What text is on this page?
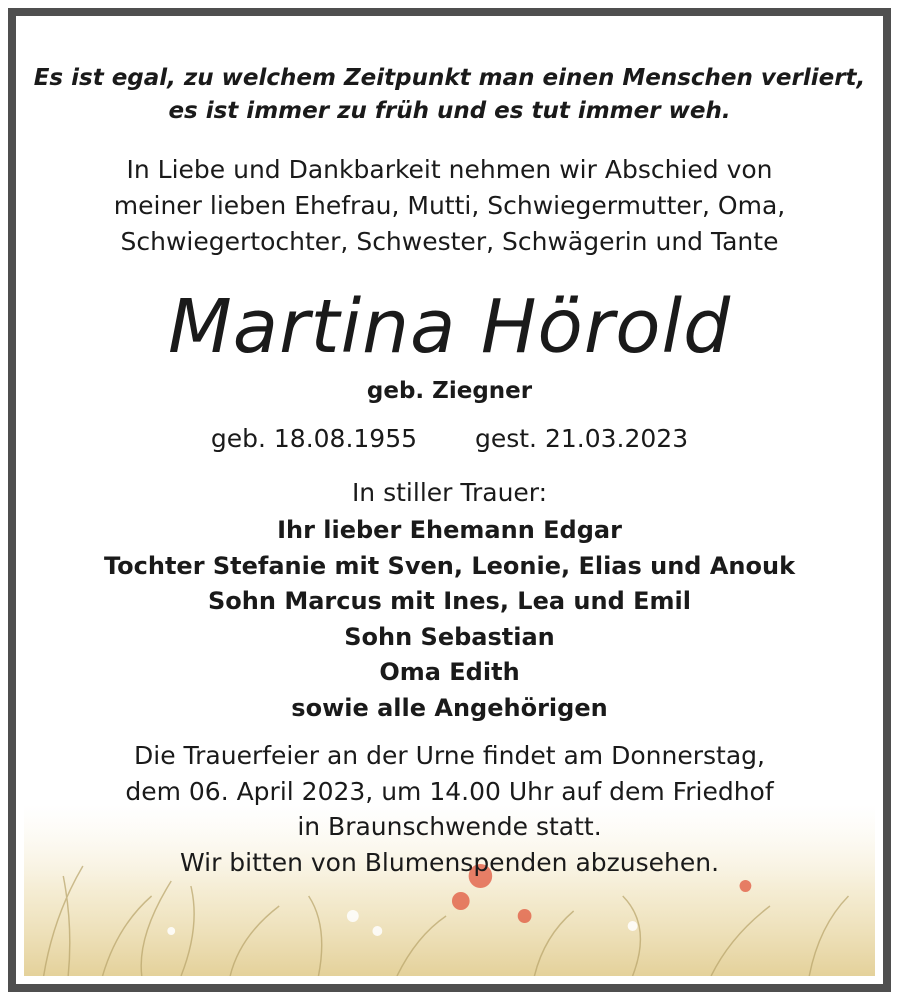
Es ist egal, zu welchem Zeitpunkt man einen Menschen verliert,
es ist immer zu früh und es tut immer weh.
In Liebe und Dankbarkeit nehmen wir Abschied von
meiner lieben Ehefrau, Mutti, Schwiegermutter, Oma,
Schwiegertochter, Schwester, Schwägerin und Tante
Martina Hörold
geb. Ziegner
geb. 18.08.1955 gest. 21.03.2023
In stiller Trauer:
Ihr lieber Ehemann Edgar
Tochter Stefanie mit Sven, Leonie, Elias und Anouk
Sohn Marcus mit Ines, Lea und Emil
Sohn Sebastian
Oma Edith
sowie alle Angehörigen
Die Trauerfeier an der Urne findet am Donnerstag,
dem 06. April 2023, um 14.00 Uhr auf dem Friedhof
in Braunschwende statt.
Wir bitten von Blumenspenden abzusehen.
